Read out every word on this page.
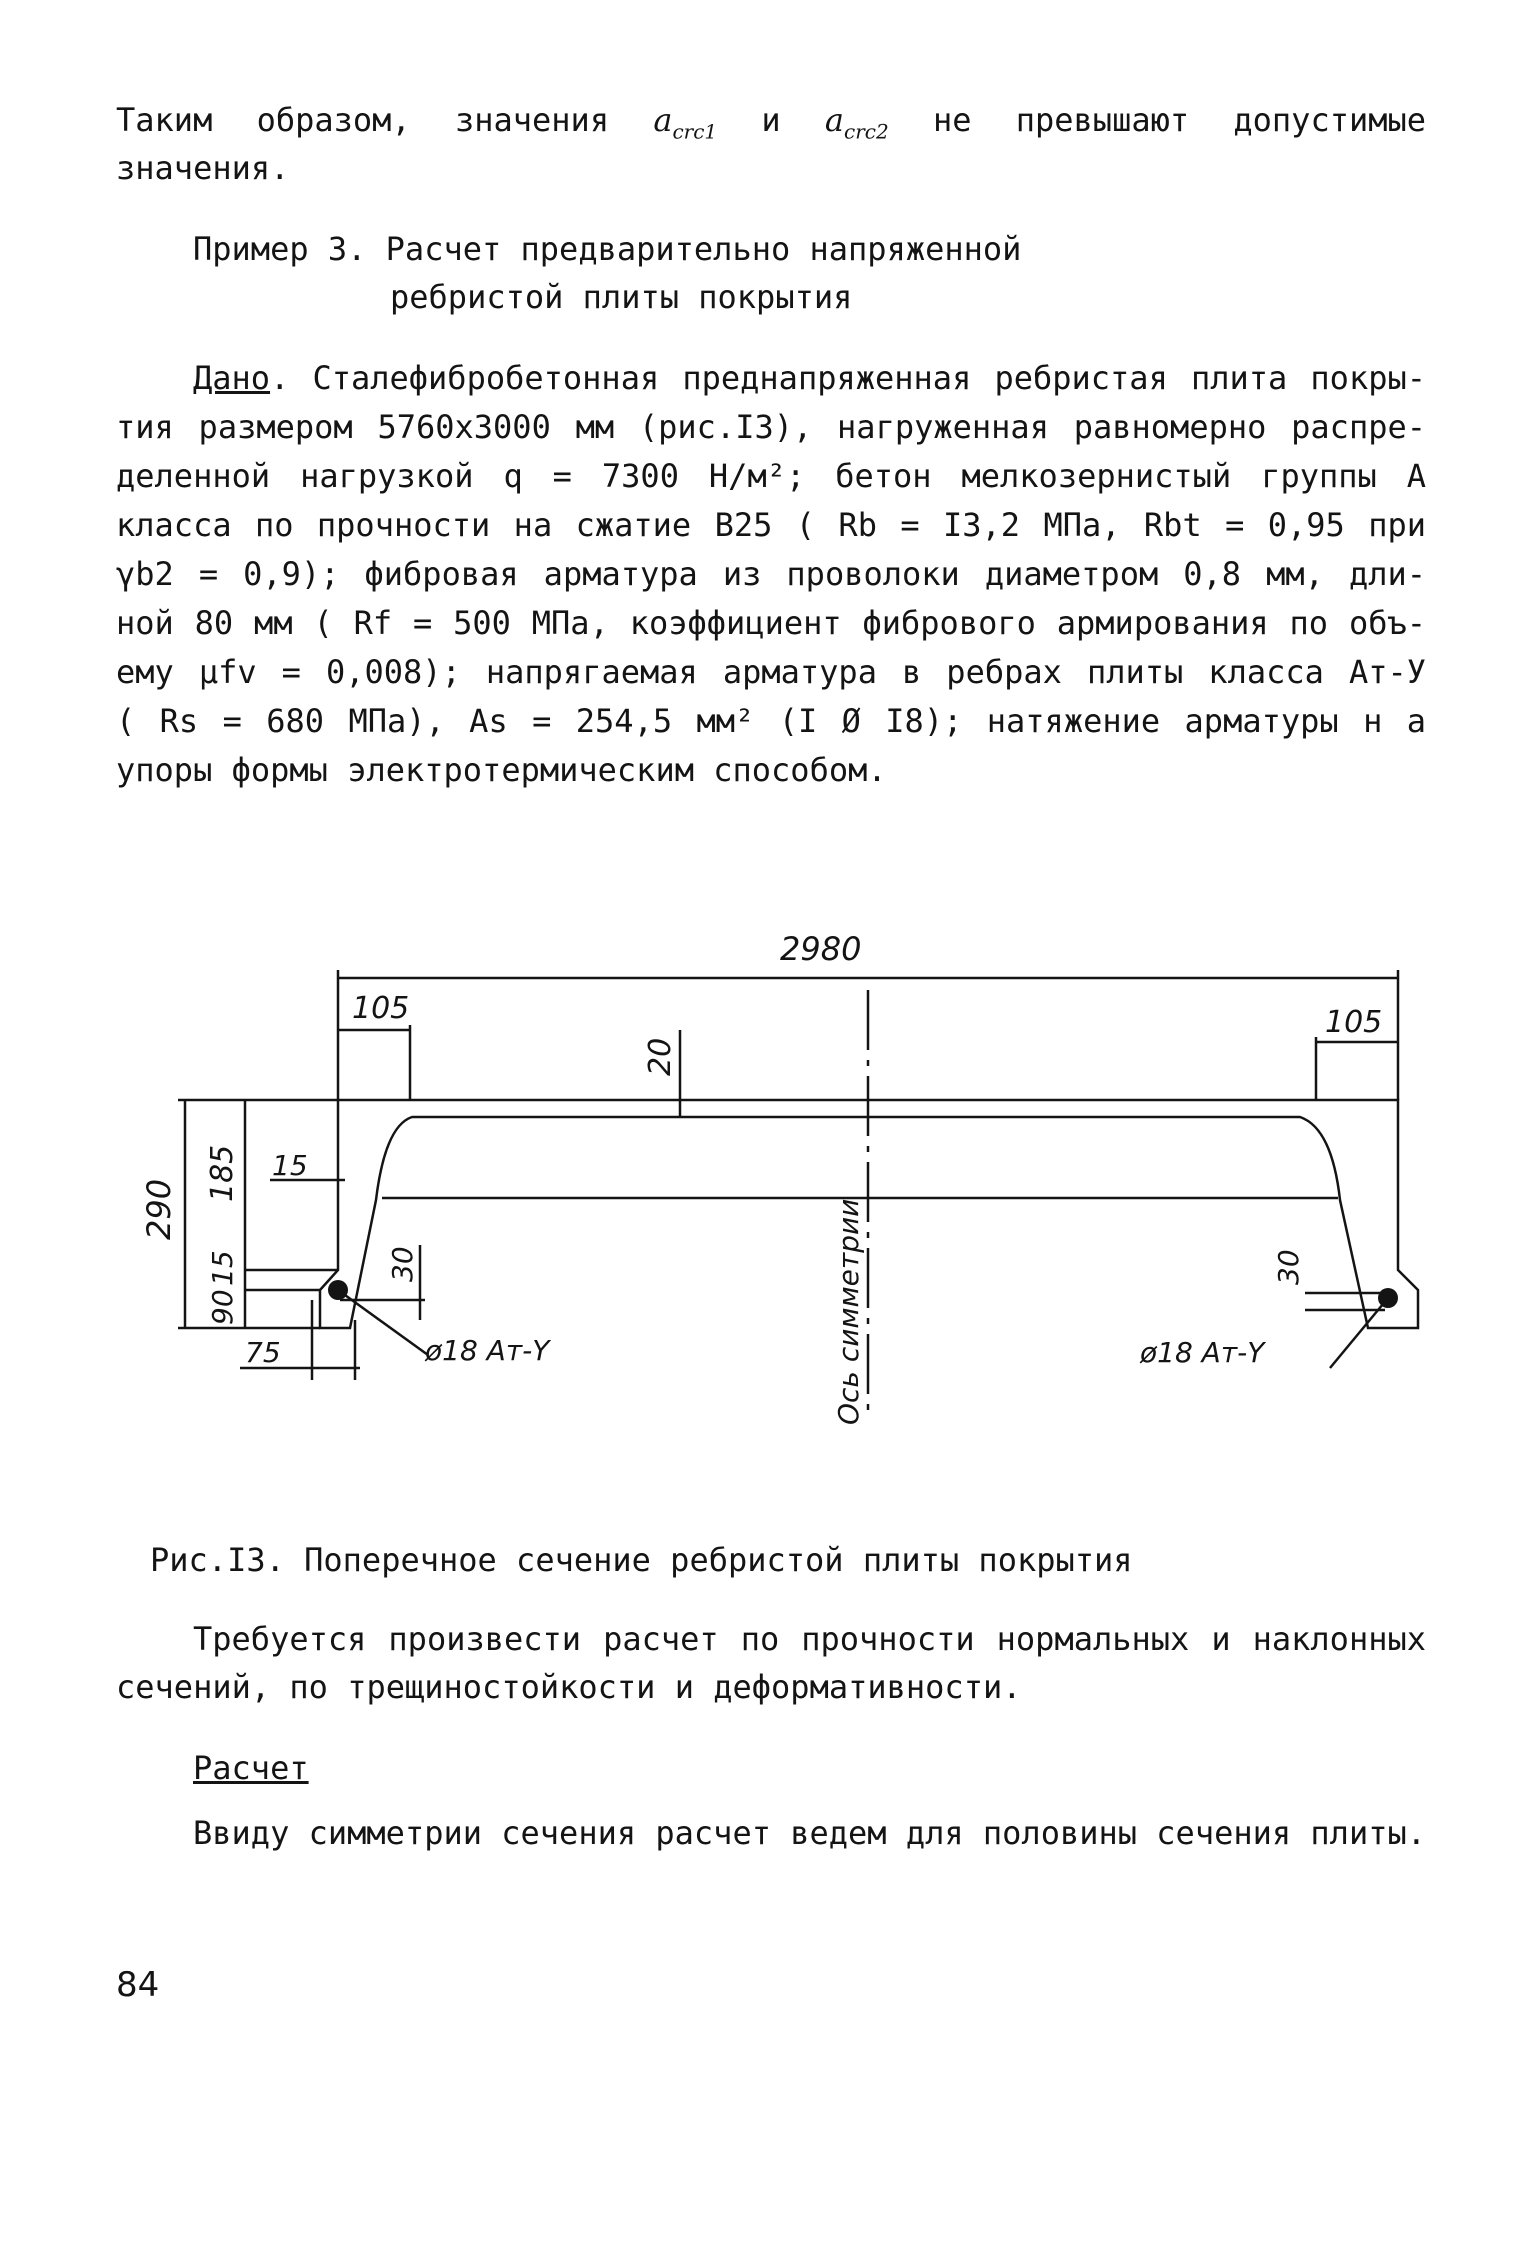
Таким образом, значения $a_{crc1}$ и $a_{crc2}$ не превышают допустимые
значения.
Пример 3. Расчет предварительно напряженной
ребристой плиты покрытия
Дано. Сталефибробетонная преднапряженная ребристая плита покры-
тия размером 5760x3000 мм (рис.I3), нагруженная равномерно распре-
деленной нагрузкой q = 7300 Н/м²; бетон мелкозернистый группы А
класса по прочности на сжатие В25 ( Rb = I3,2 МПа, Rbt = 0,95 при
γb2 = 0,9); фибровая арматура из проволоки диаметром 0,8 мм, дли-
ной 80 мм ( Rf = 500 МПа, коэффициент фибрового армирования по объ-
ему μfv = 0,008); напрягаемая арматура в ребрах плиты класса Ат-У
( Rs = 680 МПа), As = 254,5 мм² (I Ø I8); натяжение арматуры н а
упоры формы электротермическим способом.
2980
105	105
20
290
185 15
90
15	30	30
75	ø18 Aт-Y	ø18 Aт-Y
Ось симметрии
Рис.I3. Поперечное сечение ребристой плиты покрытия
Требуется произвести расчет по прочности нормальных и наклонных
сечений, по трещиностойкости и деформативности.
Расчет
Ввиду симметрии сечения расчет ведем для половины сечения плиты.
84
